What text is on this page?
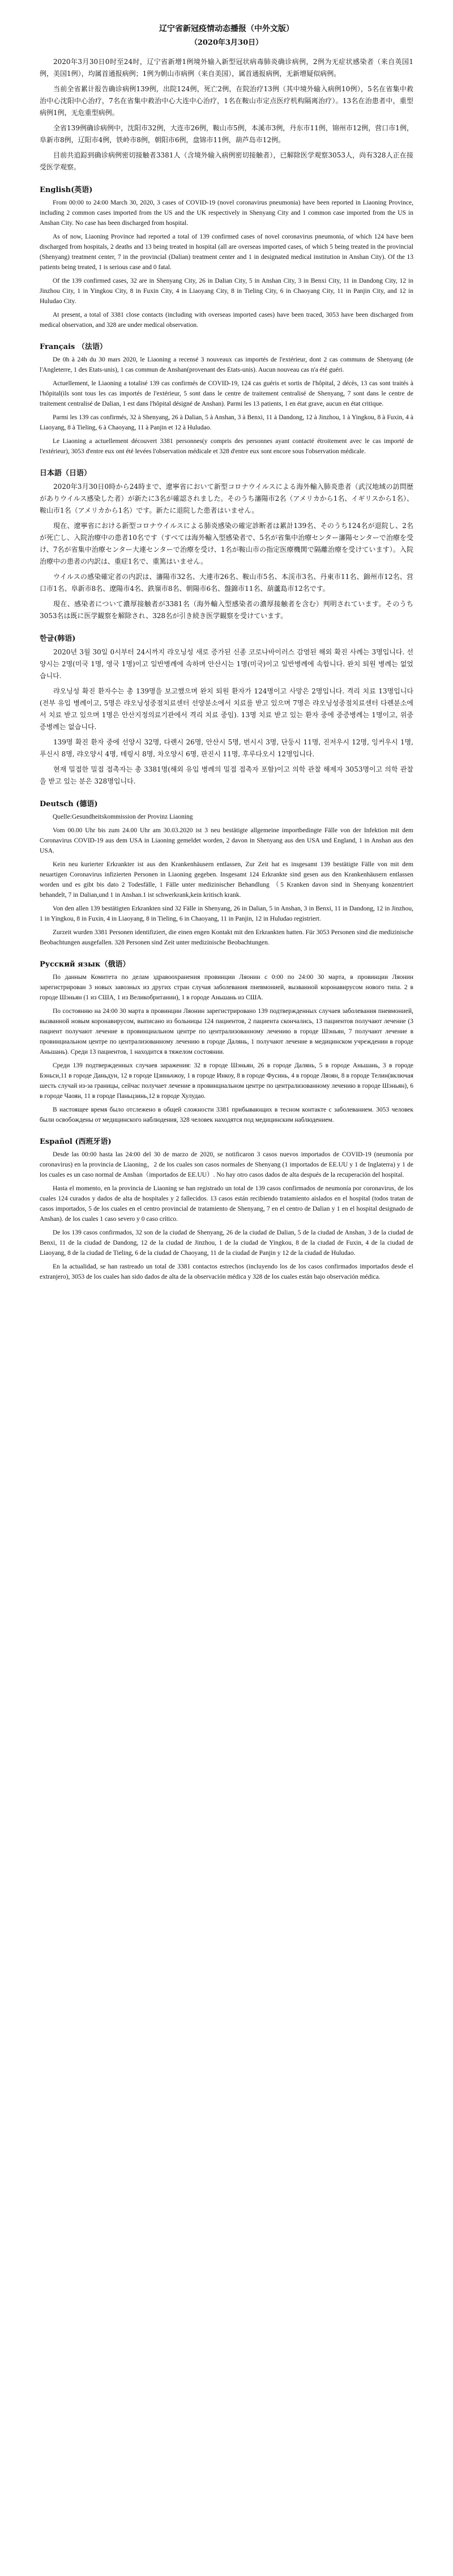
辽宁省新冠疫情动态播报（中外文版）
（2020年3月30日）

2020年3月30日0时至24时，辽宁省新增1例境外输入新型冠状病毒肺炎确诊病例，2例为无症状感染者（来自英国1例，美国1例），均属首通报病例；1例为朝山市病例（来自美国），属首通报病例，无新增疑似病例。

当前全省累计报告确诊病例139例，出院124例，死亡2例，在院治疗13例（其中境外输入病例10例），5名在省集中救治中心沈阳中心治疗，7名在省集中救治中心大连中心治疗，1名在鞍山市定点医疗机构隔离治疗）。13名在治患者中，重型病例1例，无危重型病例。

全省139例确诊病例中，沈阳市32例，大连市26例，鞍山市5例，本溪市3例，丹东市11例，锦州市12例，营口市1例，阜新市8例，辽阳市4例，铁岭市8例，朝阳市6例，盘锦市11例，葫芦岛市12例。

目前共追踪到确诊病例密切接触者3381人（含境外输入病例密切接触者），已解除医学观察3053人，尚有328人正在接受医学观察。

English(英语)

From 00:00 to 24:00 March 30, 2020, 3 cases of COVID-19 (novel coronavirus pneumonia) have been reported in Liaoning Province, including 2 common cases imported from the US and the UK respectively in Shenyang City and 1 common case imported from the US in Anshan City. No case has been discharged from hospital.

As of now, Liaoning Province had reported a total of 139 confirmed cases of novel coronavirus pneumonia, of which 124 have been discharged from hospitals, 2 deaths and 13 being treated in hospital (all are overseas imported cases, of which 5 being treated in the provincial (Shenyang) treatment center, 7 in the provincial (Dalian) treatment center and 1 in designated medical institution in Anshan City). Of the 13 patients being treated, 1 is serious case and 0 fatal.

Of the 139 confirmed cases, 32 are in Shenyang City, 26 in Dalian City, 5 in Anshan City, 3 in Benxi City, 11 in Dandong City, 12 in Jinzhou City, 1 in Yingkou City, 8 in Fuxin City, 4 in Liaoyang City, 8 in Tieling City, 6 in Chaoyang City, 11 in Panjin City, and 12 in Huludao City.

At present, a total of 3381 close contacts (including with overseas imported cases) have been traced, 3053 have been discharged from medical observation, and 328 are under medical observation.

Français （法语）

De 0h à 24h du 30 mars 2020, le Liaoning a recensé 3 nouveaux cas importés de l'extérieur, dont 2 cas communs de Shenyang (de l'Angleterre, 1 des Etats-unis), 1 cas commun de Anshan(provenant des Etats-unis). Aucun nouveau cas n'a été guéri.

Actuellement, le Liaoning a totalisé 139 cas confirmés de COVID-19, 124 cas guéris et sortis de l'hôpital, 2 décès, 13 cas sont traités à l'hôpital(ils sont tous les cas importés de l'extérieur, 5 sont dans le centre de traitement centralisé de Shenyang, 7 sont dans le centre de traitement centralisé de Dalian, 1 est dans l'hôpital désigné de Anshan). Parmi les 13 patients, 1 en état grave, aucun en état critique.

Parmi les 139 cas confirmés, 32 à Shenyang, 26 à Dalian, 5 à Anshan, 3 à Benxi, 11 à Dandong, 12 à Jinzhou, 1 à Yingkou, 8 à Fuxin, 4 à Liaoyang, 8 à Tieling, 6 à Chaoyang, 11 à Panjin et 12 à Huludao.

Le Liaoning a actuellement découvert 3381 personnes(y compris des personnes ayant contacté étroitement avec le cas importé de l'extérieur), 3053 d'entre eux ont été levées l'observation médicale et 328 d'entre eux sont encore sous l'observation médicale.

日本語（日语）

2020年3月30日0時から24時まで、遼寧省において新型コロナウイルスによる海外輸入肺炎患者（武汉地域の訪問歴がありウイルス感染した者）が新たに3名が確認されました。そのうち瀋陽市2名（アメリカから1名、イギリスから1名）、鞍山市1名（アメリカから1名）です。新たに退院した患者はいません。

現在、遼寧省における新型コロナウイルスによる肺炎感染の確定診断者は累計139名、そのうち124名が退院し、2名が死亡し、入院治療中の患者10名です（すべては海外輸入型感染者で、5名が省集中治療センター瀋陽センターで治療を受け、7名が省集中治療センター大連センターで治療を受け、1名が鞍山市の指定医療機関で隔離治療を受けています）。入院治療中の患者の内訳は、重症1名で、重篤はいません。

ウイルスの感染確定者の内訳は、瀋陽市32名、大連市26名、鞍山市5名、本渓市3名、丹東市11名、錦州市12名、営口市1名、阜新市8名、遼陽市4名、鉄嶺市8名、朝陽市6名、盤錦市11名、葫蘆島市12名です。

現在、感染者について濃厚接触者が3381名（海外輸入型感染者の濃厚接触者を含む）判明されています。そのうち3053名は既に医学観察を解除され、328名が引き続き医学観察を受けています。

한글(韩语)

2020년 3월 30일 0시부터 24시까지 랴오닝성 새로 증가된 신종 코로나바이러스 감염된 해외 확진 사례는 3명입니다. 선양시는 2명(미국 1명, 영국 1명)이고 일반병례에 속하며 안산시는 1명(미국)이고 일반병례에 속합니다. 완치 퇴원 병례는 없었습니다.

랴오닝성 확진 환자수는 총 139명을 보고했으며 완치 퇴원 환자가 124명이고 사망은 2명입니다. 격리 치료 13명입니다(전부 유입 병례이고, 5명은 랴오닝성중점치료센터 선양분소에서 치료를 받고 있으며 7명은 랴오닝성중점치료센터 다롄분소에서 치료 받고 있으며 1명은 안산지정의료기관에서 격리 치료 중임). 13명 치료 받고 있는 환자 중에 중증병례는 1명이고, 위중증병례는 없습니다.

139명 확진 환자 중에 선양시 32명, 다롄시 26명, 안산시 5명, 번시시 3명, 단둥시 11명, 진저우시 12명, 잉커우시 1명, 푸신시 8명, 랴오양시 4명, 톄링시 8명, 차오양시 6명, 판진시 11명, 후루다오시 12명입니다.

현재 밀접한 밀접 접촉자는 총 3381명(해외 유입 병례의 밀접 접촉자 포함)이고 의학 관찰 해제자 3053명이고 의학 관찰을 받고 있는 분은 328명입니다.

Deutsch (德语)

Quelle:Gesundheitskommission der Provinz Liaoning

Vom 00.00 Uhr bis zum 24.00 Uhr am 30.03.2020 ist 3 neu bestätigte allgemeine importbedingte Fälle von der Infektion mit dem Coronavirus COVID-19 aus dem USA in Liaoning gemeldet worden, 2 davon in Shenyang aus den USA und England, 1 in Anshan aus den USA.

Kein neu kurierter Erkrankter ist aus den Krankenhäusern entlassen, Zur Zeit hat es insgesamt 139 bestätigte Fälle von mit dem neuartigen Coronavirus infizierten Personen in Liaoning gegeben. Insgesamt 124 Erkrankte sind gesen aus den Krankenhäusern entlassen worden und es gibt bis dato 2 Todesfälle, 1 Fälle unter medizinischer Behandlung （5 Kranken davon sind in Shenyang konzentriert behandelt, 7 in Dalian,und 1 in Anshan.1 ist schwerkrank,kein kritisch krank.

Von den allen 139 bestätigten Erkrankten sind 32 Fälle in Shenyang, 26 in Dalian, 5 in Anshan, 3 in Benxi, 11 in Dandong, 12 in Jinzhou, 1 in Yingkou, 8 in Fuxin, 4 in Liaoyang, 8 in Tieling, 6 in Chaoyang, 11 in Panjin, 12 in Huludao registriert.

Zurzeit wurden 3381 Personen identifiziert, die einen engen Kontakt mit den Erkrankten hatten. Für 3053 Personen sind die medizinische Beobachtungen ausgefallen. 328 Personen sind Zeit unter medizinische Beobachtungen.

Русский язык（俄语）

По данным Комитета по делам здравоохранения провинции Ляонин с 0:00 по 24:00 30 марта, в провинции Ляонин зарегистрирован 3 новых завозных из других стран случая заболевания пневмонией, вызванной коронавирусом нового типа. 2 в городе Шэньян (1 из США, 1 из Великобритании), 1 в городе Аньшань из США.

По состоянию на 24:00 30 марта в провинции Ляонин зарегистрировано 139 подтвержденных случаев заболевания пневмонией, вызванной новым коронавирусом, выписано из больницы 124 пациентов, 2 пациента скончались, 13 пациентов получают лечение (3 пациент получают лечение в провинциальном центре по централизованному лечению в городе Шэньян, 7 получают лечение в провинциальном центре по централизованному лечению в городе Далянь, 1 получают лечение в медицинском учреждении в городе Аньшань). Среди 13 пациентов, 1 находится в тяжелом состоянии.

Среди 139 подтвержденных случаев заражения: 32 в городе Шэньян, 26 в городе Далянь, 5 в городе Аньшань, 3 в городе Бэньси,11 в городе Даньдун, 12 в городе Цзиньчжоу, 1 в городе Инкоу, 8 в городе Фусинь, 4 в городе Ляоян, 8 в городе Телин(включая шесть случай из-за границы, сейчас получает лечение в провинциальном центре по централизованному лечению в городе Шэньян), 6 в городе Чаоян, 11 в городе Паньцзинь,12 в городе Хулудао.

В настоящее время было отслежено в общей сложности 3381 прибывающих в тесном контакте с заболеванием. 3053 человек были освобождены от медицинского наблюдения, 328 человек находятся под медицинским наблюдением.

Español (西班牙语)

Desde las 00:00 hasta las 24:00 del 30 de marzo de 2020, se notificaron 3 casos nuevos importados de COVID-19 (neumonía por coronavirus) en la provincia de Liaoning，2 de los cuales son casos normales de Shenyang (1 importados de EE.UU y 1 de Inglaterra) y 1 de los cuales es un caso normal de Anshan（importados de EE.UU）. No hay otro casos dados de alta después de la recuperación del hospital.

Hasta el momento, en la provincia de Liaoning se han registrado un total de 139 casos confirmados de neumonía por coronavirus, de los cuales 124 curados y dados de alta de hospitales y 2 fallecidos. 13 casos están recibiendo tratamiento aislados en el hospital (todos tratan de casos importados, 5 de los cuales en el centro provincial de tratamiento de Shenyang, 7 en el centro de Dalian y 1 en el hospital designado de Anshan). de los cuales 1 caso severo y 0 caso crítico.

De los 139 casos confirmados, 32 son de la ciudad de Shenyang, 26 de la ciudad de Dalian, 5 de la ciudad de Anshan, 3 de la ciudad de Benxi, 11 de la ciudad de Dandong, 12 de la ciudad de Jinzhou, 1 de la ciudad de Yingkou, 8 de la ciudad de Fuxin, 4 de la ciudad de Liaoyang, 8 de la ciudad de Tieling, 6 de la ciudad de Chaoyang, 11 de la ciudad de Panjin y 12 de la ciudad de Huludao.

En la actualidad, se han rastreado un total de 3381 contactos estrechos (incluyendo los de los casos confirmados importados desde el extranjero), 3053 de los cuales han sido dados de alta de la observación médica y 328 de los cuales están bajo observación médica.
